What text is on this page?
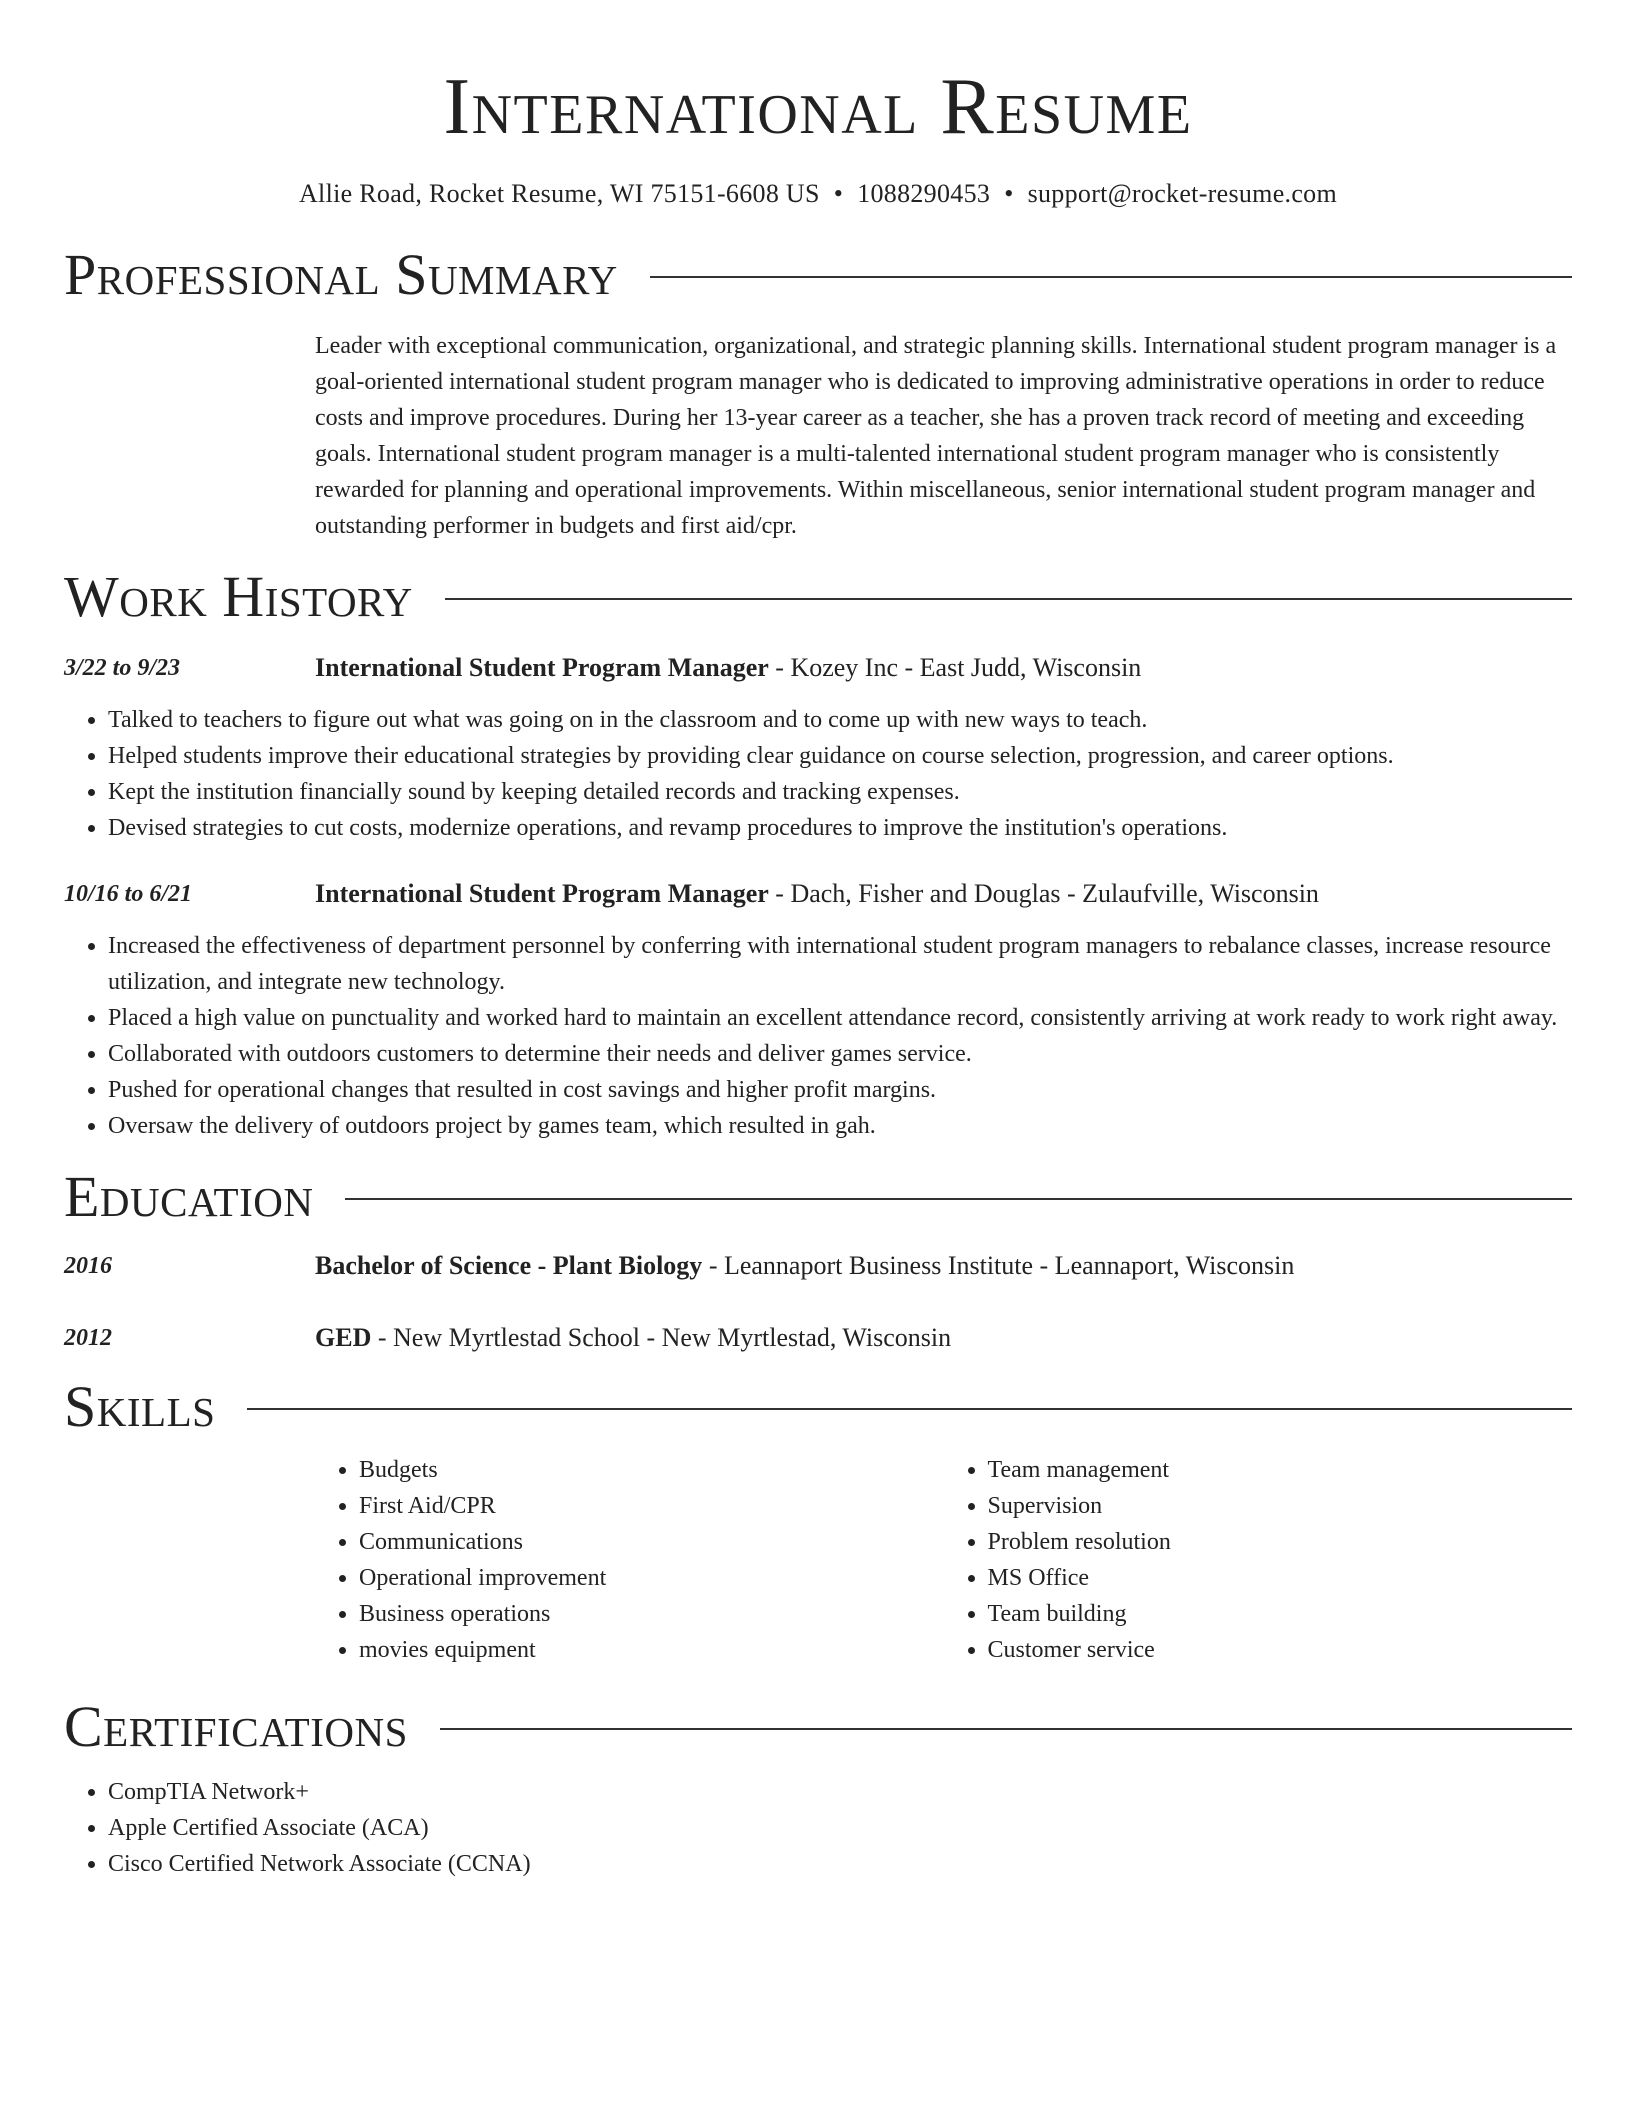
International Resume
Allie Road, Rocket Resume, WI 75151-6608 US • 1088290453 • support@rocket-resume.com
Professional Summary
Leader with exceptional communication, organizational, and strategic planning skills. International student program manager is a goal-oriented international student program manager who is dedicated to improving administrative operations in order to reduce costs and improve procedures. During her 13-year career as a teacher, she has a proven track record of meeting and exceeding goals. International student program manager is a multi-talented international student program manager who is consistently rewarded for planning and operational improvements. Within miscellaneous, senior international student program manager and outstanding performer in budgets and first aid/cpr.
Work History
3/22 to 9/23	International Student Program Manager - Kozey Inc - East Judd, Wisconsin
• Talked to teachers to figure out what was going on in the classroom and to come up with new ways to teach.
• Helped students improve their educational strategies by providing clear guidance on course selection, progression, and career options.
• Kept the institution financially sound by keeping detailed records and tracking expenses.
• Devised strategies to cut costs, modernize operations, and revamp procedures to improve the institution's operations.
10/16 to 6/21	International Student Program Manager - Dach, Fisher and Douglas - Zulaufville, Wisconsin
• Increased the effectiveness of department personnel by conferring with international student program managers to rebalance classes, increase resource utilization, and integrate new technology.
• Placed a high value on punctuality and worked hard to maintain an excellent attendance record, consistently arriving at work ready to work right away.
• Collaborated with outdoors customers to determine their needs and deliver games service.
• Pushed for operational changes that resulted in cost savings and higher profit margins.
• Oversaw the delivery of outdoors project by games team, which resulted in gah.
Education
2016	Bachelor of Science - Plant Biology - Leannaport Business Institute - Leannaport, Wisconsin
2012	GED - New Myrtlestad School - New Myrtlestad, Wisconsin
Skills
• Budgets
• First Aid/CPR
• Communications
• Operational improvement
• Business operations
• movies equipment
• Team management
• Supervision
• Problem resolution
• MS Office
• Team building
• Customer service
Certifications
• CompTIA Network+
• Apple Certified Associate (ACA)
• Cisco Certified Network Associate (CCNA)
